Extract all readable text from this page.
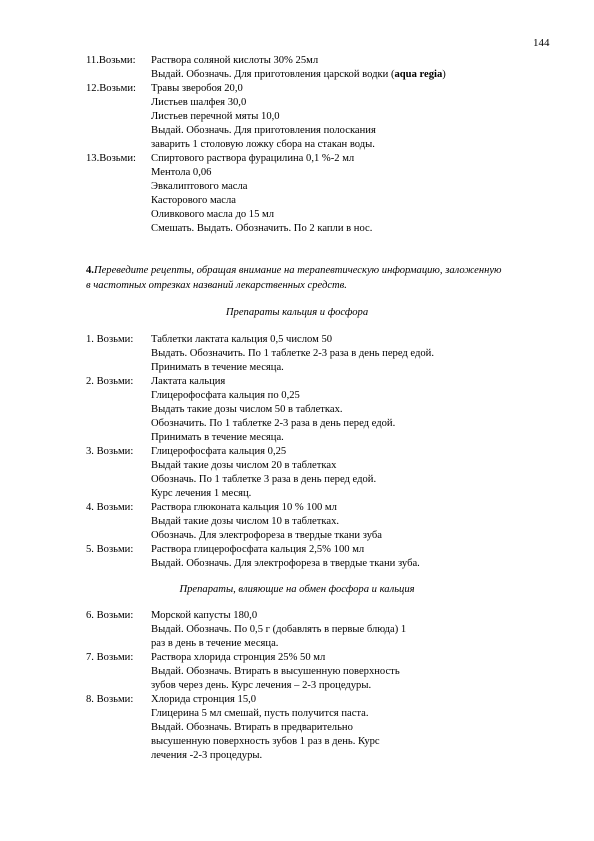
144
4.Переведите рецепты, обращая внимание на терапевтическую информацию, заложенную в частотных отрезках названий лекарственных средств.
Препараты кальция и фосфора
Препараты, влияющие на обмен фосфора и кальция
11.Возьми: Раствора соляной кислоты 30% 25мл
Выдай. Обозначь. Для приготовления царской водки (aqua regia)
12.Возьми: Травы зверобоя 20,0
Листьев шалфея 30,0
Листьев перечной мяты 10,0
Выдай. Обозначь. Для приготовления полоскания
заварить 1 столовую ложку сбора на стакан воды.
13.Возьми: Спиртового раствора фурацилина 0,1 %-2 мл
Ментола 0,06
Эвкалиптового масла
Касторового масла
Оливкового масла до 15 мл
Смешать. Выдать. Обозначить. По 2 капли в нос.
1. Возьми: Таблетки лактата кальция 0,5 числом 50
Выдать. Обозначить. По 1 таблетке 2-3 раза в день перед едой.
Принимать в течение месяца.
2. Возьми: Лактата кальция
Глицерофосфата кальция по 0,25
Выдать такие дозы числом 50 в таблетках.
Обозначить. По 1 таблетке 2-3 раза в день перед едой.
Принимать в течение месяца.
3. Возьми: Глицерофосфата кальция 0,25
Выдай такие дозы числом 20 в таблетках
Обозначь. По 1 таблетке 3 раза в день перед едой.
Курс лечения 1 месяц.
4. Возьми: Раствора глюконата кальция 10 % 100 мл
Выдай такие дозы числом 10 в таблетках.
Обозначь. Для электрофореза в твердые ткани зуба
5. Возьми: Раствора глицерофосфата кальция 2,5% 100 мл
Выдай. Обозначь. Для электрофореза в твердые ткани зуба.
6. Возьми: Морской капусты 180,0
Выдай. Обозначь. По 0,5 г (добавлять в первые блюда) 1
раз в день в течение месяца.
7. Возьми: Раствора хлорида стронция 25% 50 мл
Выдай. Обозначь. Втирать в высушенную поверхность
зубов через день. Курс лечения – 2-3 процедуры.
8. Возьми: Хлорида стронция 15,0
Глицерина 5 мл смешай, пусть получится паста.
Выдай. Обозначь. Втирать в предварительно
высушенную поверхность зубов 1 раз в день. Курс
лечения -2-3 процедуры.
